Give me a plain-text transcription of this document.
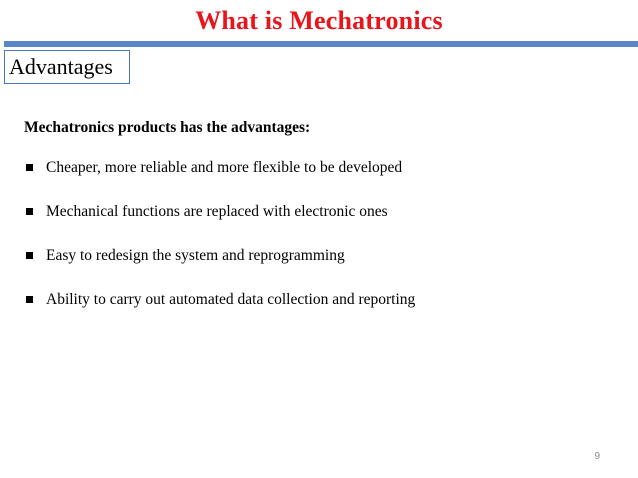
What is Mechatronics
Advantages
Mechatronics products has the advantages:
Cheaper, more reliable and more flexible to be developed
Mechanical functions are replaced with electronic ones
Easy to redesign the system and reprogramming
Ability to carry out automated data collection and reporting
9
